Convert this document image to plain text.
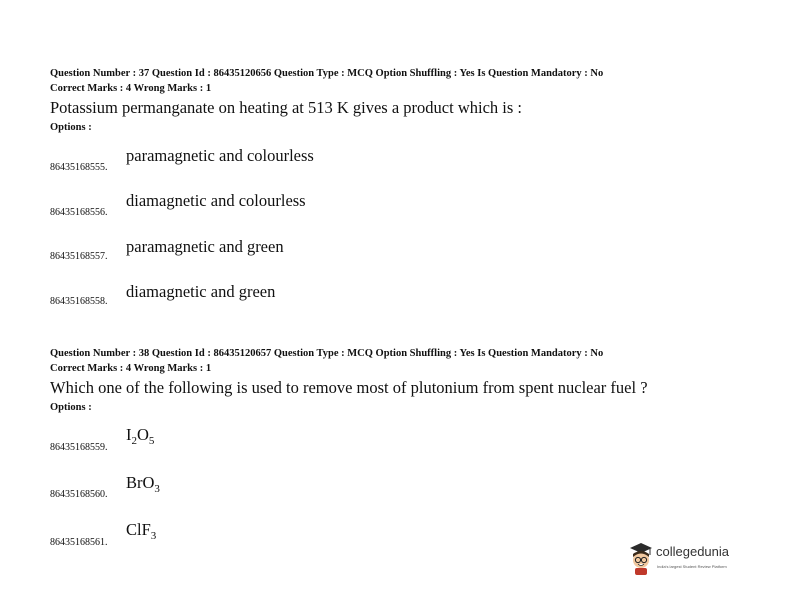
Question Number : 37 Question Id : 86435120656 Question Type : MCQ Option Shuffling : Yes Is Question Mandatory : No
Correct Marks : 4 Wrong Marks : 1
Potassium permanganate on heating at 513 K gives a product which is :
Options :
86435168555.
paramagnetic and colourless
86435168556.
diamagnetic and colourless
86435168557.
paramagnetic and green
86435168558.
diamagnetic and green
Question Number : 38 Question Id : 86435120657 Question Type : MCQ Option Shuffling : Yes Is Question Mandatory : No
Correct Marks : 4 Wrong Marks : 1
Which one of the following is used to remove most of plutonium from spent nuclear fuel ?
Options :
86435168559.
$I_2O_5$
86435168560.
BrO$_3$
86435168561.
ClF$_3$
collegedunia
India's largest Student Review Platform
